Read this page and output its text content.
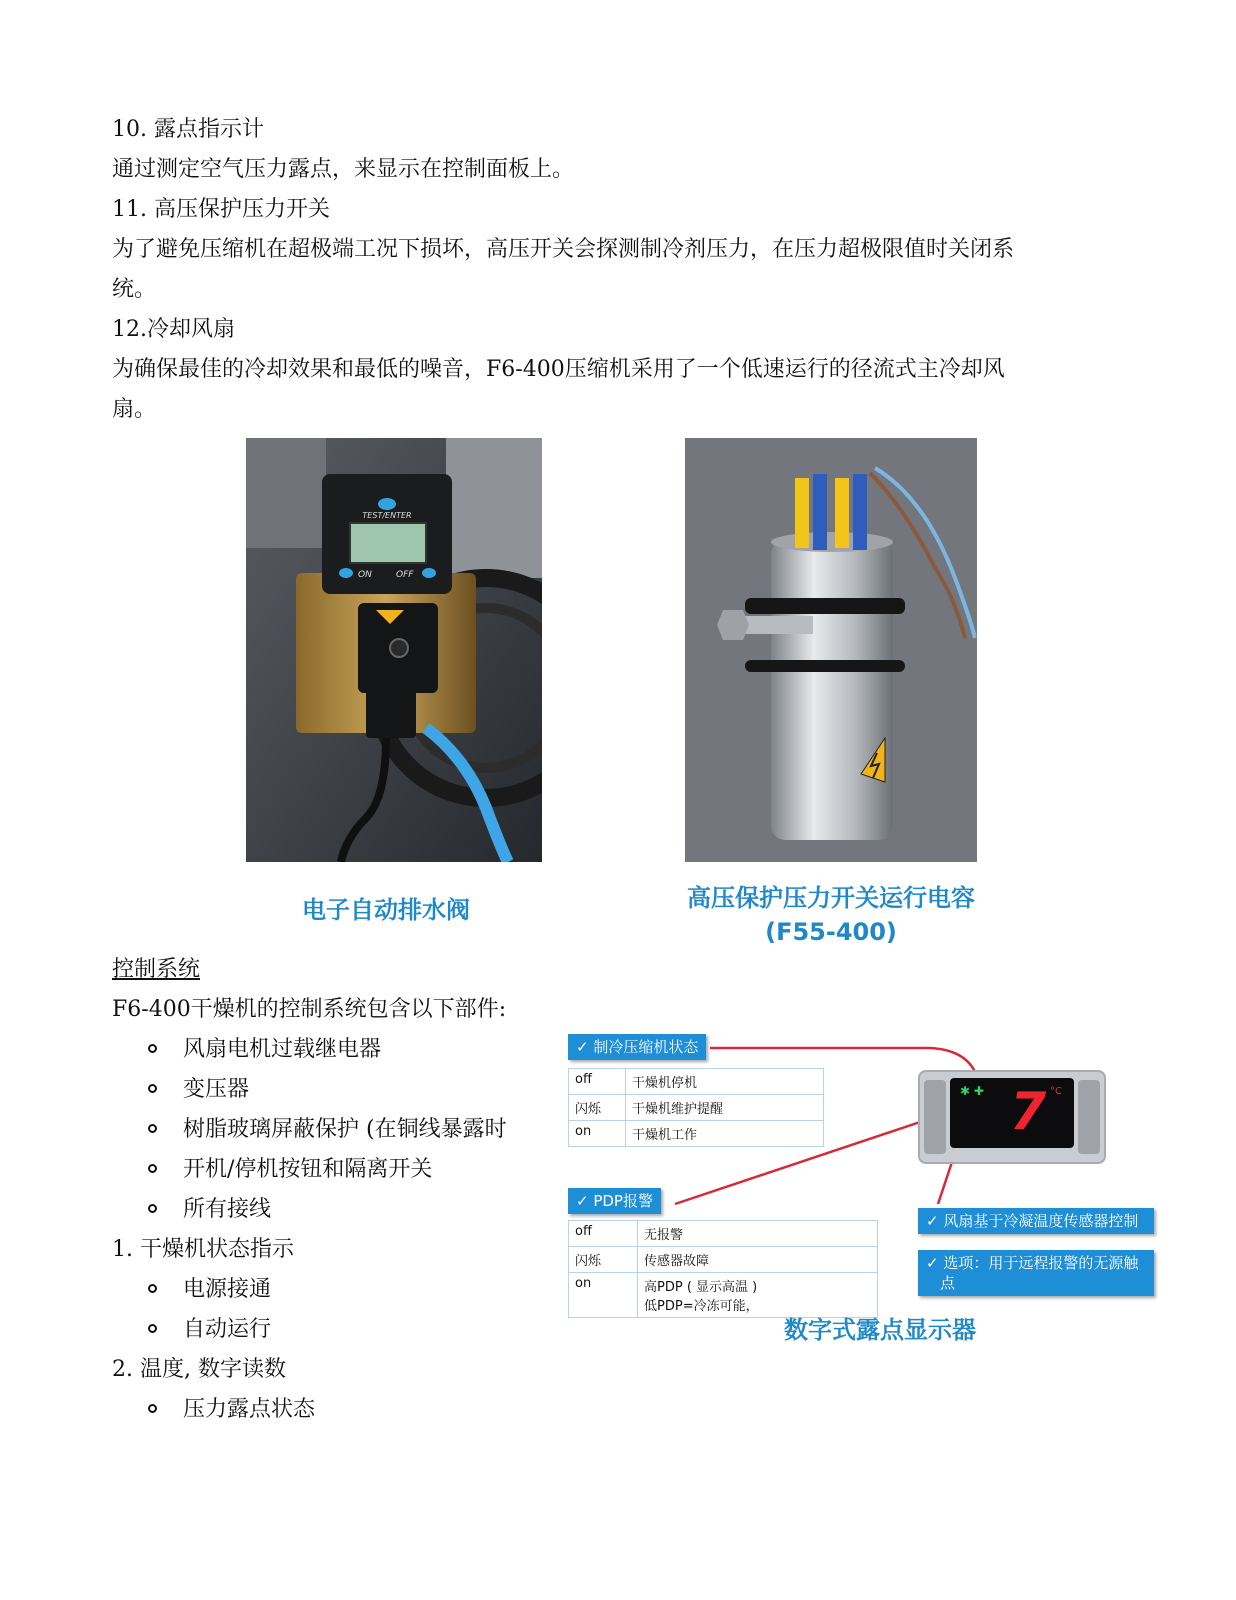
10. 露点指示计
通过测定空气压力露点，来显示在控制面板上。
11. 高压保护压力开关
为了避免压缩机在超极端工况下损坏，高压开关会探测制冷剂压力，在压力超极限值时关闭系
统。
12.冷却风扇
为确保最佳的冷却效果和最低的噪音，F6-400压缩机采用了一个低速运行的径流式主冷却风
扇。
TEST/ENTER
ON	OFF
电子自动排水阀	高压保护压力开关运行电容
(F55-400)
控制系统
F6-400干燥机的控制系统包含以下部件:
风扇电机过载继电器
变压器
树脂玻璃屏蔽保护 (在铜线暴露时
开机/停机按钮和隔离开关
所有接线
1. 干燥机状态指示
电源接通
自动运行
2. 温度, 数字读数
压力露点状态
✓ 制冷压缩机状态
off	干燥机停机
闪烁	干燥机维护提醒
on	干燥机工作
✱ ✚ 7 °C
✓ PDP报警
off	无报警
闪烁	传感器故障
on	高PDP ( 显示高温 )
低PDP=冷冻可能，
✓ 风扇基于冷凝温度传感器控制
✓ 选项：用于远程报警的无源触
点
数字式露点显示器
